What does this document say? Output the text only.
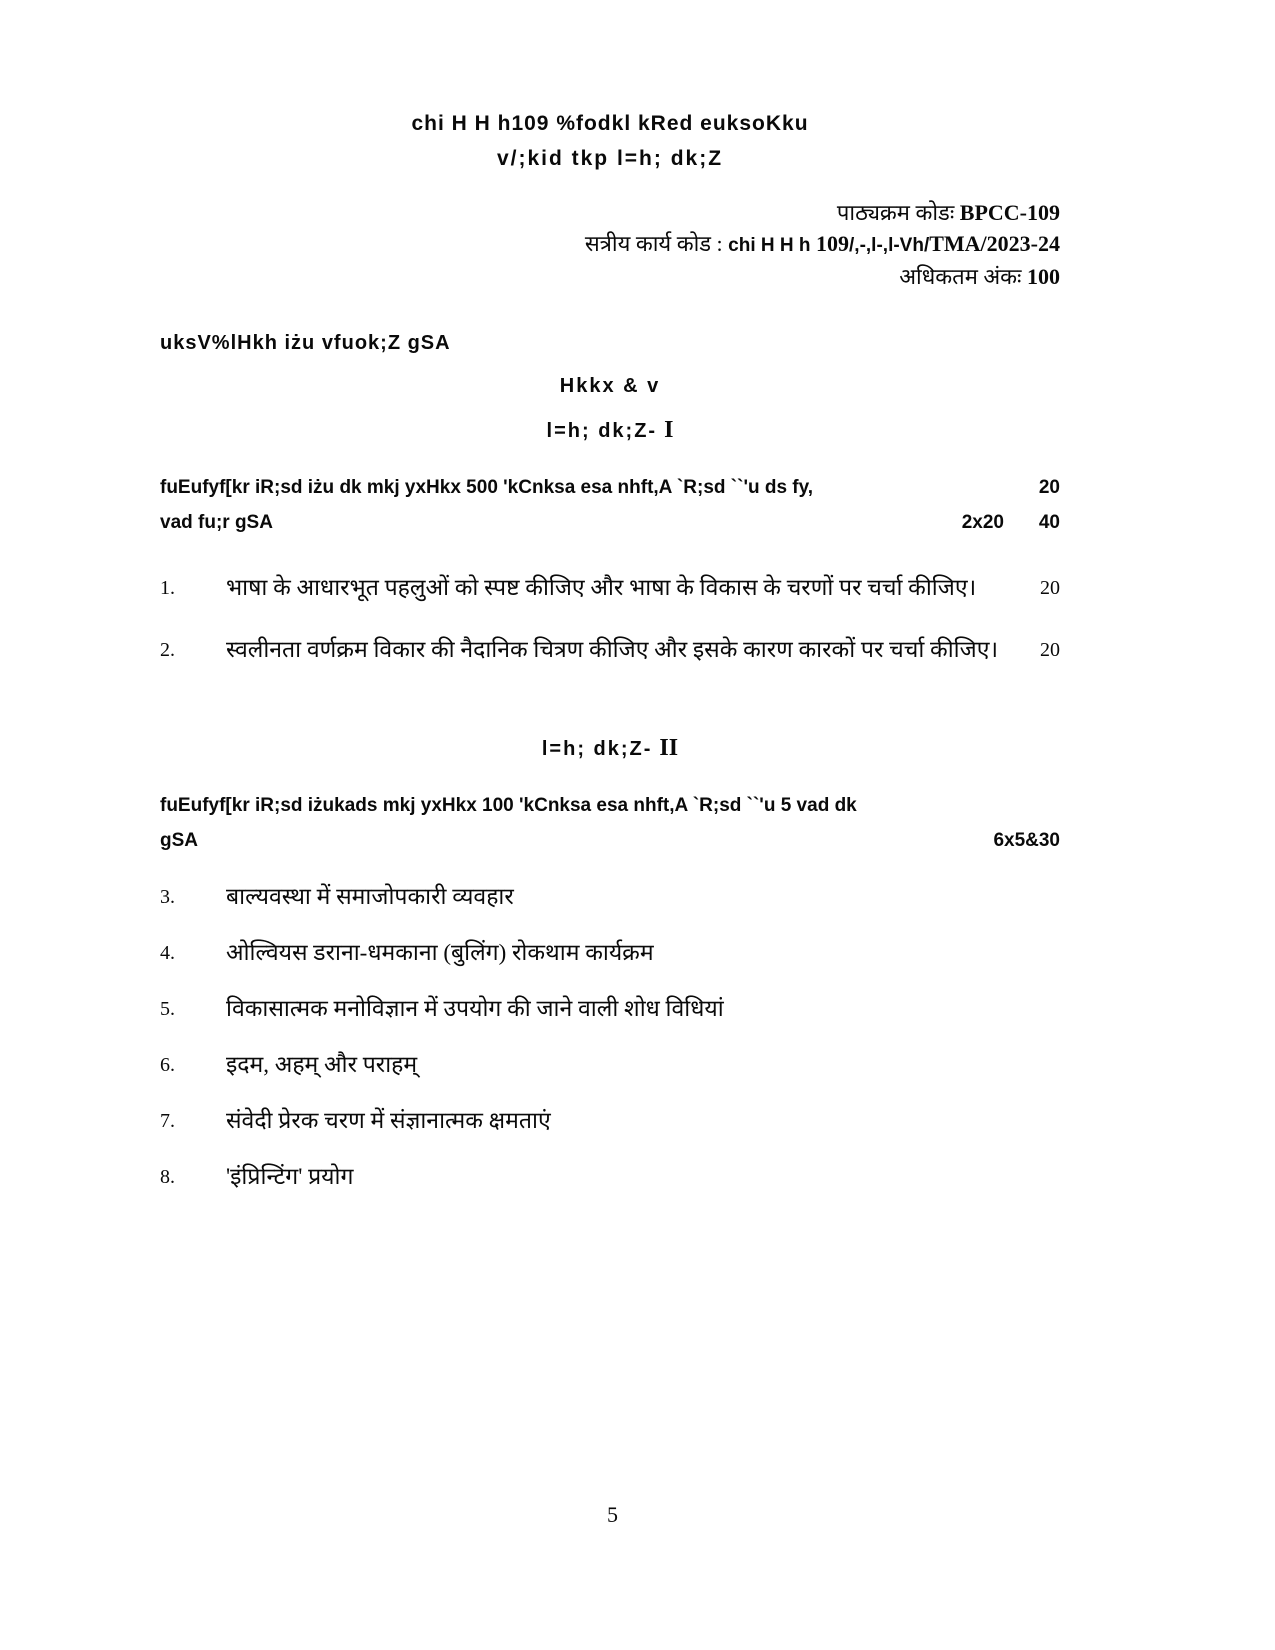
chi H H h109 %fodkl kRed euksoKku
v/;kid tkp l=h; dk;Z
पाठ्यक्रम कोडः BPCC-109
सत्रीय कार्य कोड : chi H H h 109/,-,l-,l-Vh/TMA/2023-24
अधिकतम अंकः 100
uksV%lHkh iżu vfuok;Z gSA
Hkkx & v
l=h; dk;Z- I
fuEufyf[kr iR;sd iżu dk mkj yxHkx 500 'kCnksa esa nhft,A `R;sd ``'u ds fy,	20
vad fu;r gSA	2x20	40
1.	भाषा के आधारभूत पहलुओं को स्पष्ट कीजिए और भाषा के विकास के चरणों पर चर्चा कीजिए।	20
2.	स्वलीनता वर्णक्रम विकार की नैदानिक चित्रण कीजिए और इसके कारण कारकों पर चर्चा कीजिए।	20
l=h; dk;Z- II
fuEufyf[kr iR;sd iżukads mkj yxHkx 100 'kCnksa esa nhft,A `R;sd ``'u 5 vad dk
gSA	6x5&30
3.	बाल्यवस्था में समाजोपकारी व्यवहार
4.	ओल्वियस डराना-धमकाना (बुलिंग) रोकथाम कार्यक्रम
5.	विकासात्मक मनोविज्ञान में उपयोग की जाने वाली शोध विधियां
6.	इदम, अहम् और पराहम्
7.	संवेदी प्रेरक चरण में संज्ञानात्मक क्षमताएं
8.	'इंप्रिन्टिंग' प्रयोग
5
